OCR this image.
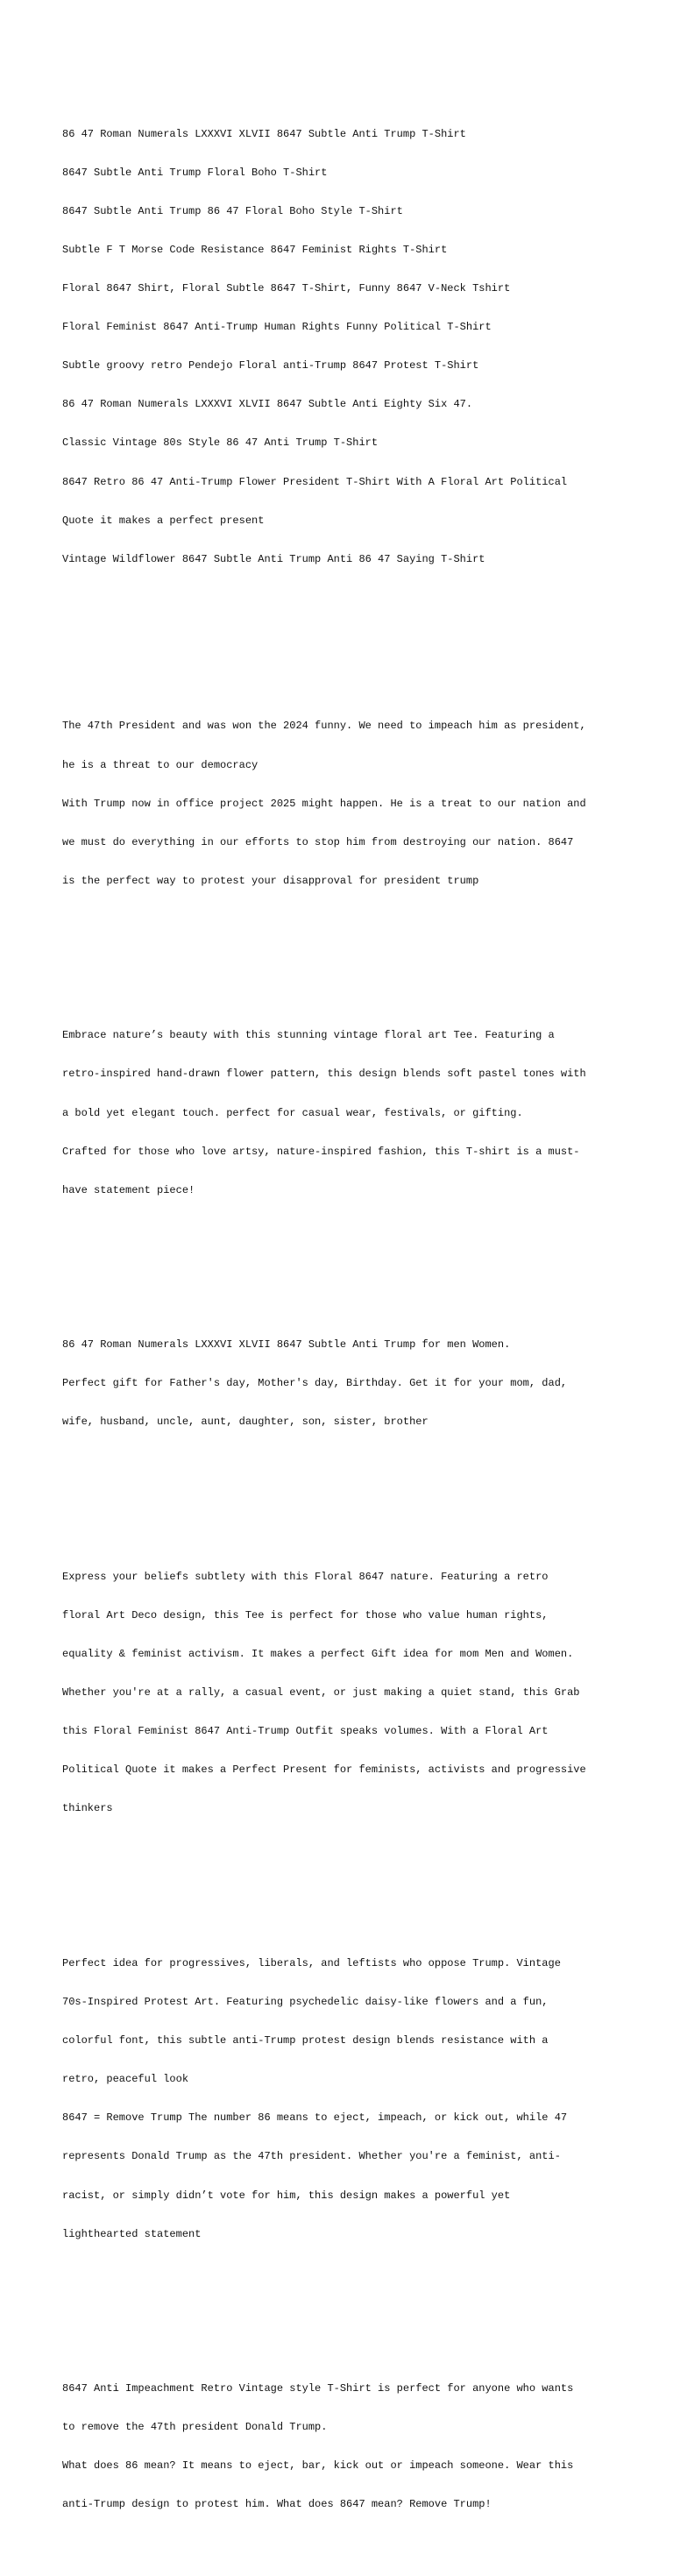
86 47 Roman Numerals LXXXVI XLVII 8647 Subtle Anti Trump T-Shirt

8647 Subtle Anti Trump Floral Boho T-Shirt

8647 Subtle Anti Trump 86 47 Floral Boho Style T-Shirt

Subtle F T Morse Code Resistance 8647 Feminist Rights T-Shirt

Floral 8647 Shirt, Floral Subtle 8647 T-Shirt, Funny 8647 V-Neck Tshirt

Floral Feminist 8647 Anti-Trump Human Rights Funny Political T-Shirt

Subtle groovy retro Pendejo Floral anti-Trump 8647 Protest T-Shirt

86 47 Roman Numerals LXXXVI XLVII 8647 Subtle Anti Eighty Six 47.

Classic Vintage 80s Style 86 47 Anti Trump T-Shirt

8647 Retro 86 47 Anti-Trump Flower President T-Shirt With A Floral Art Political

Quote it makes a perfect present

Vintage Wildflower 8647 Subtle Anti Trump Anti 86 47 Saying T-Shirt

The 47th President and was won the 2024 funny. We need to impeach him as president,

he is a threat to our democracy

With Trump now in office project 2025 might happen. He is a treat to our nation and

we must do everything in our efforts to stop him from destroying our nation. 8647

is the perfect way to protest your disapproval for president trump

Embrace nature’s beauty with this stunning vintage floral art Tee. Featuring a

retro-inspired hand-drawn flower pattern, this design blends soft pastel tones with

a bold yet elegant touch. perfect for casual wear, festivals, or gifting.

Crafted for those who love artsy, nature-inspired fashion, this T-shirt is a must-

have statement piece!

86 47 Roman Numerals LXXXVI XLVII 8647 Subtle Anti Trump for men Women.

Perfect gift for Father's day, Mother's day, Birthday. Get it for your mom, dad,

wife, husband, uncle, aunt, daughter, son, sister, brother

Express your beliefs subtlety with this Floral 8647 nature. Featuring a retro

floral Art Deco design, this Tee is perfect for those who value human rights,

equality & feminist activism. It makes a perfect Gift idea for mom Men and Women.

Whether you're at a rally, a casual event, or just making a quiet stand, this Grab

this Floral Feminist 8647 Anti-Trump Outfit speaks volumes. With a Floral Art

Political Quote it makes a Perfect Present for feminists, activists and progressive

thinkers

Perfect idea for progressives, liberals, and leftists who oppose Trump. Vintage

70s-Inspired Protest Art. Featuring psychedelic daisy-like flowers and a fun,

colorful font, this subtle anti-Trump protest design blends resistance with a

retro, peaceful look

8647 = Remove Trump The number 86 means to eject, impeach, or kick out, while 47

represents Donald Trump as the 47th president. Whether you're a feminist, anti-

racist, or simply didn’t vote for him, this design makes a powerful yet

lighthearted statement

8647 Anti Impeachment Retro Vintage style T-Shirt is perfect for anyone who wants

to remove the 47th president Donald Trump.

What does 86 mean? It means to eject, bar, kick out or impeach someone. Wear this

anti-Trump design to protest him. What does 8647 mean? Remove Trump!
